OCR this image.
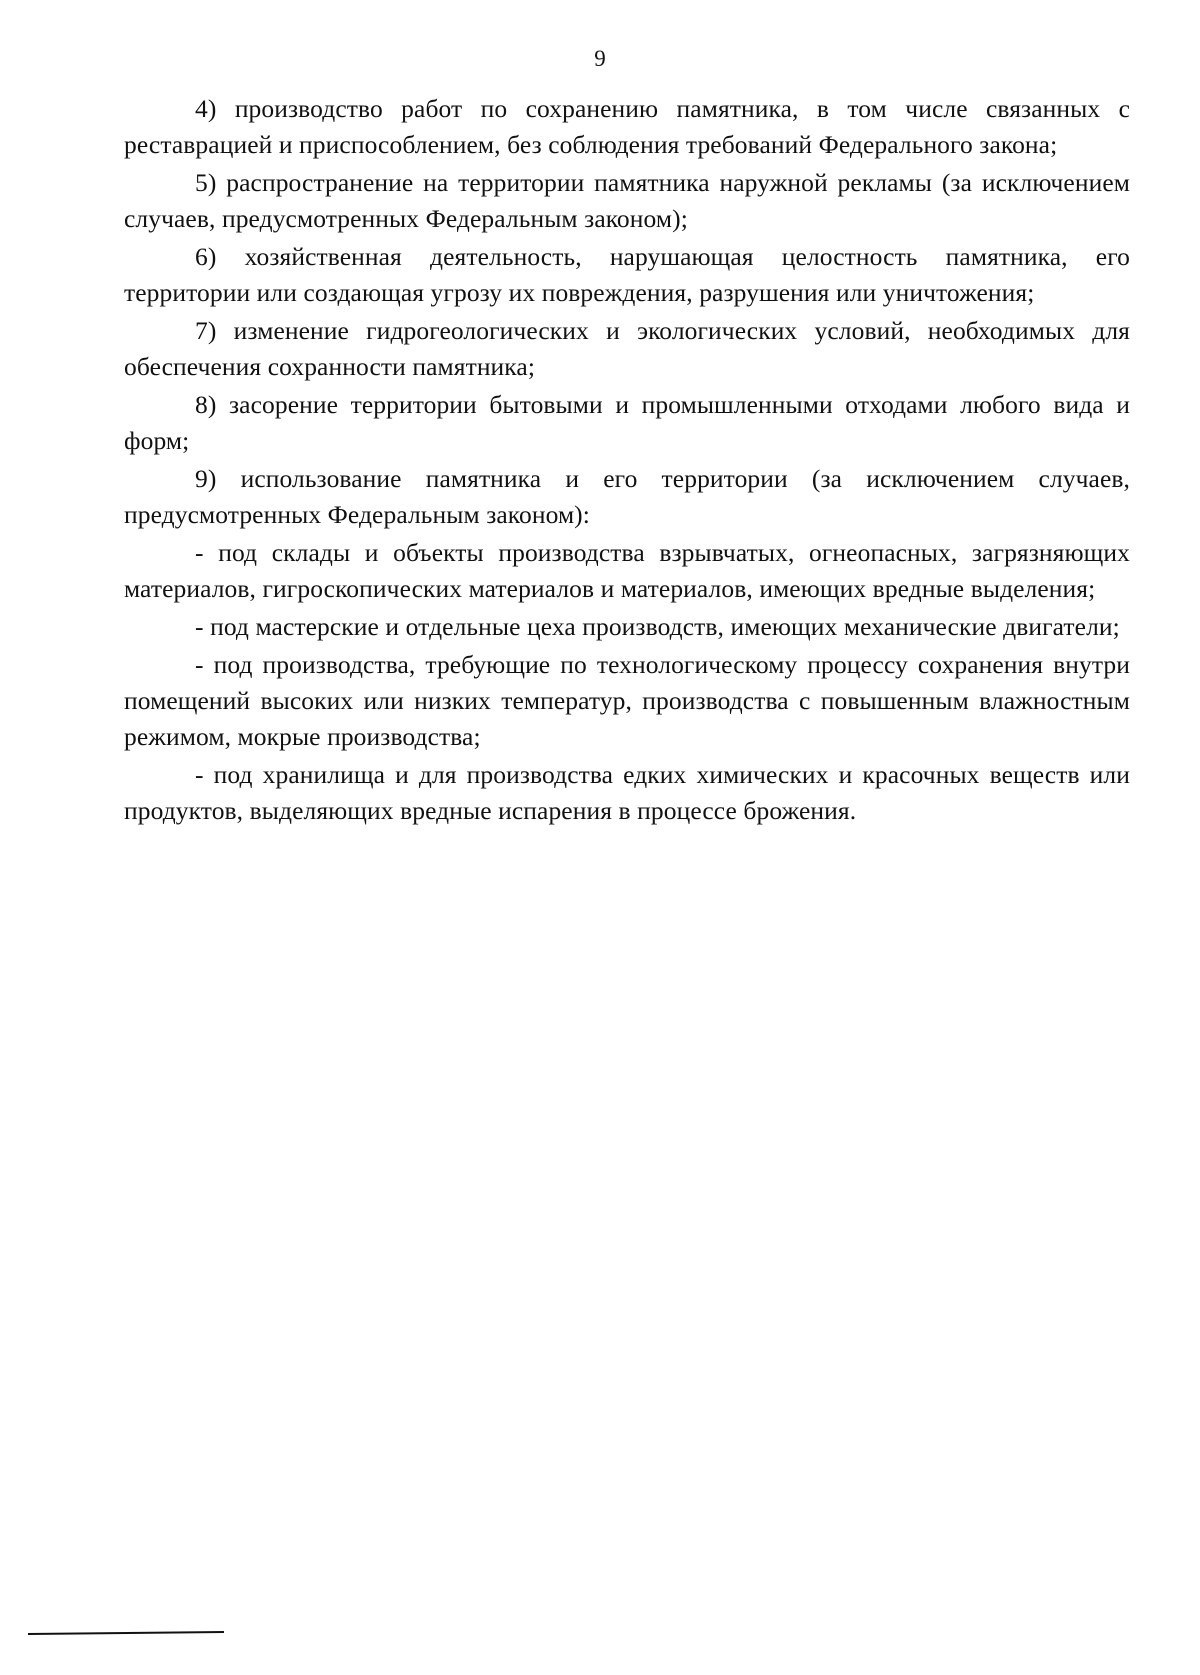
9

4) производство работ по сохранению памятника, в том числе связанных с реставрацией и приспособлением, без соблюдения требований Федерального закона;

5) распространение на территории памятника наружной рекламы (за исключением случаев, предусмотренных Федеральным законом);

6) хозяйственная деятельность, нарушающая целостность памятника, его территории или создающая угрозу их повреждения, разрушения или уничтожения;

7) изменение гидрогеологических и экологических условий, необходимых для обеспечения сохранности памятника;

8) засорение территории бытовыми и промышленными отходами любого вида и форм;

9) использование памятника и его территории (за исключением случаев, предусмотренных Федеральным законом):

- под склады и объекты производства взрывчатых, огнеопасных, загрязняющих материалов, гигроскопических материалов и материалов, имеющих вредные выделения;

- под мастерские и отдельные цеха производств, имеющих механические двигатели;

- под производства, требующие по технологическому процессу сохранения внутри помещений высоких или низких температур, производства с повышенным влажностным режимом, мокрые производства;

- под хранилища и для производства едких химических и красочных веществ или продуктов, выделяющих вредные испарения в процессе брожения.
